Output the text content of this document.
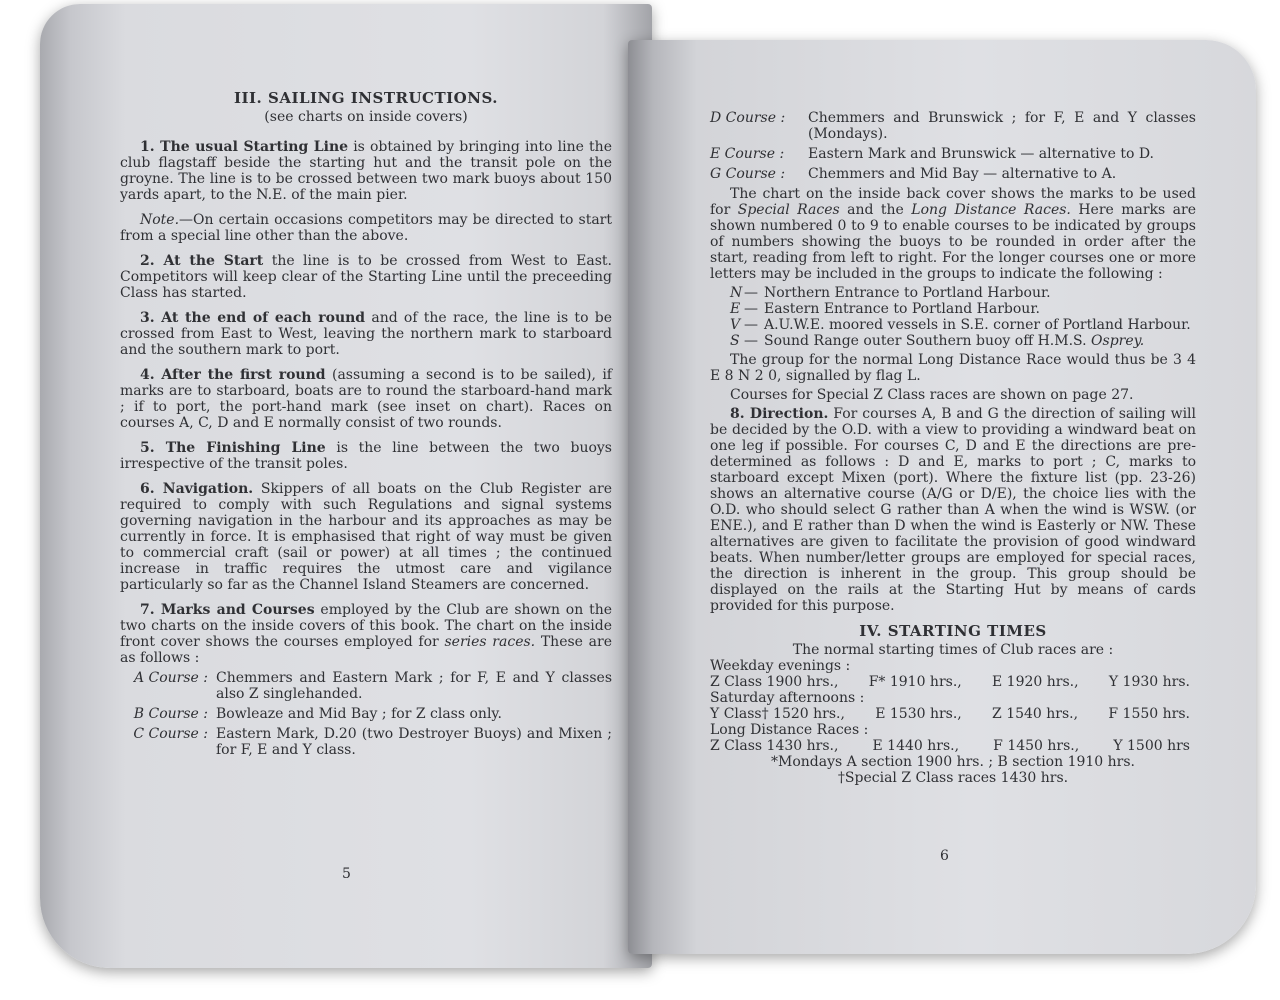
III. SAILING INSTRUCTIONS.
(see charts on inside covers)

1. The usual Starting Line is obtained by bringing into line the club flagstaff beside the starting hut and the transit pole on the groyne. The line is to be crossed between two mark buoys about 150 yards apart, to the N.E. of the main pier.

Note.—On certain occasions competitors may be directed to start from a special line other than the above.

2. At the Start the line is to be crossed from West to East. Competitors will keep clear of the Starting Line until the preceeding Class has started.

3. At the end of each round and of the race, the line is to be crossed from East to West, leaving the northern mark to starboard and the southern mark to port.

4. After the first round (assuming a second is to be sailed), if marks are to starboard, boats are to round the starboard-hand mark ; if to port, the port-hand mark (see inset on chart). Races on courses A, C, D and E normally consist of two rounds.

5. The Finishing Line is the line between the two buoys irrespective of the transit poles.

6. Navigation. Skippers of all boats on the Club Register are required to comply with such Regulations and signal systems governing navigation in the harbour and its approaches as may be currently in force. It is emphasised that right of way must be given to commercial craft (sail or power) at all times ; the continued increase in traffic requires the utmost care and vigilance particularly so far as the Channel Island Steamers are concerned.

7. Marks and Courses employed by the Club are shown on the two charts on the inside covers of this book. The chart on the inside front cover shows the courses employed for series races. These are as follows :

A Course : Chemmers and Eastern Mark ; for F, E and Y classes also Z singlehanded.
B Course : Bowleaze and Mid Bay ; for Z class only.
C Course : Eastern Mark, D.20 (two Destroyer Buoys) and Mixen ; for F, E and Y class.
5
D Course :	Chemmers and Brunswick ; for F, E and Y classes (Mondays).
E Course :	Eastern Mark and Brunswick — alternative to D.
G Course :	Chemmers and Mid Bay — alternative to A.

The chart on the inside back cover shows the marks to be used for Special Races and the Long Distance Races. Here marks are shown numbered 0 to 9 to enable courses to be indicated by groups of numbers showing the buoys to be rounded in order after the start, reading from left to right. For the longer courses one or more letters may be included in the groups to indicate the following :

N — Northern Entrance to Portland Harbour.
E — Eastern Entrance to Portland Harbour.
V — A.U.W.E. moored vessels in S.E. corner of Portland Harbour.
S — Sound Range outer Southern buoy off H.M.S. Osprey.

The group for the normal Long Distance Race would thus be 3 4 E 8 N 2 0, signalled by flag L.

Courses for Special Z Class races are shown on page 27.

8. Direction. For courses A, B and G the direction of sailing will be decided by the O.D. with a view to providing a windward beat on one leg if possible. For courses C, D and E the directions are pre-determined as follows : D and E, marks to port ; C, marks to starboard except Mixen (port). Where the fixture list (pp. 23-26) shows an alternative course (A/G or D/E), the choice lies with the O.D. who should select G rather than A when the wind is WSW. (or ENE.), and E rather than D when the wind is Easterly or NW. These alternatives are given to facilitate the provision of good windward beats. When number/letter groups are employed for special races, the direction is inherent in the group. This group should be displayed on the rails at the Starting Hut by means of cards provided for this purpose.

IV. STARTING TIMES
The normal starting times of Club races are :
Weekday evenings :
Z Class 1900 hrs., F* 1910 hrs., E 1920 hrs., Y 1930 hrs.
Saturday afternoons :
Y Class† 1520 hrs., E 1530 hrs., Z 1540 hrs., F 1550 hrs.
Long Distance Races :
Z Class 1430 hrs., E 1440 hrs., F 1450 hrs., Y 1500 hrs
*Mondays A section 1900 hrs. ; B section 1910 hrs.
†Special Z Class races 1430 hrs.
6
